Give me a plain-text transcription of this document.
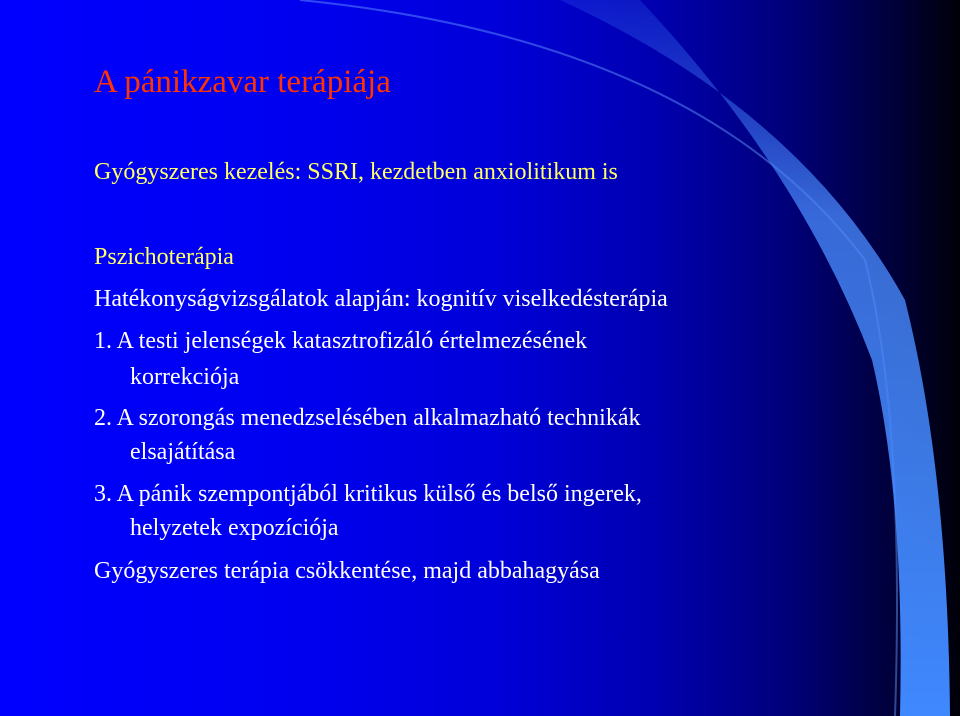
A pánikzavar terápiája

Gyógyszeres kezelés: SSRI, kezdetben anxiolitikum is

Pszichoterápia

Hatékonyságvizsgálatok alapján: kognitív viselkedésterápia

1. A testi jelenségek katasztrofizáló értelmezésének

korrekciója

2. A szorongás menedzselésében alkalmazható technikák

elsajátítása

3. A pánik szempontjából kritikus külső és belső ingerek,

helyzetek expozíciója

Gyógyszeres terápia csökkentése, majd abbahagyása
